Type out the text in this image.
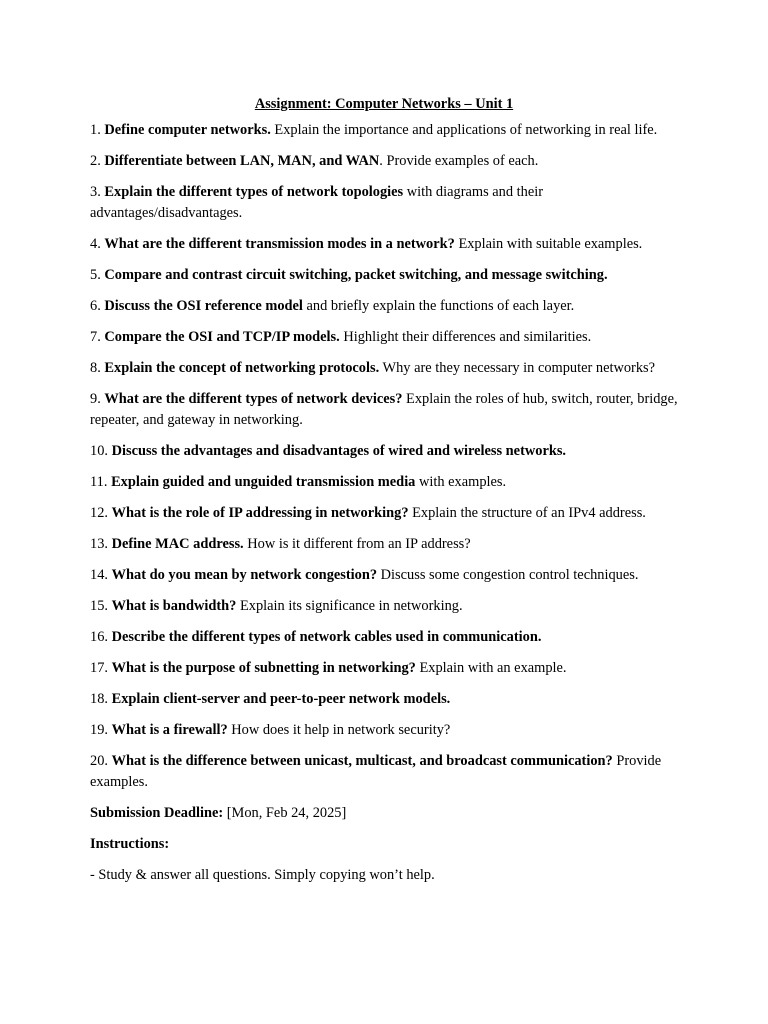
Assignment: Computer Networks – Unit 1

1. Define computer networks. Explain the importance and applications of networking in real life.

2. Differentiate between LAN, MAN, and WAN. Provide examples of each.

3. Explain the different types of network topologies with diagrams and their advantages/disadvantages.

4. What are the different transmission modes in a network? Explain with suitable examples.

5. Compare and contrast circuit switching, packet switching, and message switching.

6. Discuss the OSI reference model and briefly explain the functions of each layer.

7. Compare the OSI and TCP/IP models. Highlight their differences and similarities.

8. Explain the concept of networking protocols. Why are they necessary in computer networks?

9. What are the different types of network devices? Explain the roles of hub, switch, router, bridge, repeater, and gateway in networking.

10. Discuss the advantages and disadvantages of wired and wireless networks.

11. Explain guided and unguided transmission media with examples.

12. What is the role of IP addressing in networking? Explain the structure of an IPv4 address.

13. Define MAC address. How is it different from an IP address?

14. What do you mean by network congestion? Discuss some congestion control techniques.

15. What is bandwidth? Explain its significance in networking.

16. Describe the different types of network cables used in communication.

17. What is the purpose of subnetting in networking? Explain with an example.

18. Explain client-server and peer-to-peer network models.

19. What is a firewall? How does it help in network security?

20. What is the difference between unicast, multicast, and broadcast communication? Provide examples.

Submission Deadline: [Mon, Feb 24, 2025]

Instructions:

- Study & answer all questions. Simply copying won’t help.
